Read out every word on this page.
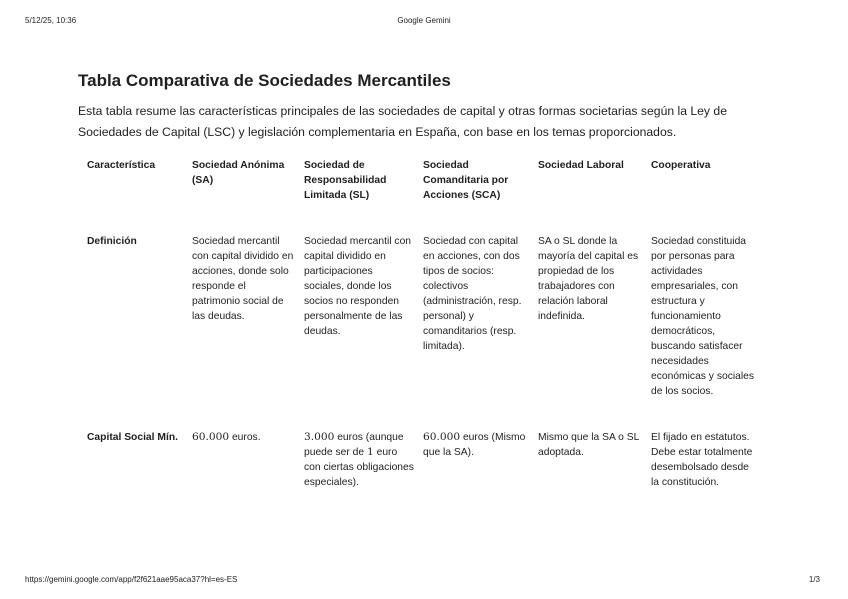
5/12/25, 10:36	Google Gemini
Tabla Comparativa de Sociedades Mercantiles

Esta tabla resume las características principales de las sociedades de capital y otras formas societarias según la Ley de Sociedades de Capital (LSC) y legislación complementaria en España, con base en los temas proporcionados.

Característica	Sociedad Anónima (SA)	Sociedad de Responsabilidad Limitada (SL)	Sociedad Comanditaria por Acciones (SCA)	Sociedad Laboral	Cooperativa
Definición	Sociedad mercantil con capital dividido en acciones, donde solo responde el patrimonio social de las deudas.	Sociedad mercantil con capital dividido en participaciones sociales, donde los socios no responden personalmente de las deudas.	Sociedad con capital en acciones, con dos tipos de socios: colectivos (administración, resp. personal) y comanditarios (resp. limitada).	SA o SL donde la mayoría del capital es propiedad de los trabajadores con relación laboral indefinida.	Sociedad constituida por personas para actividades empresariales, con estructura y funcionamiento democráticos, buscando satisfacer necesidades económicas y sociales de los socios.
Capital Social Mín.	60.000 euros.	3.000 euros (aunque puede ser de 1 euro con ciertas obligaciones especiales).	60.000 euros (Mismo que la SA).	Mismo que la SA o SL adoptada.	El fijado en estatutos. Debe estar totalmente desembolsado desde la constitución.
https://gemini.google.com/app/f2f621aae95aca37?hl=es-ES	1/3
